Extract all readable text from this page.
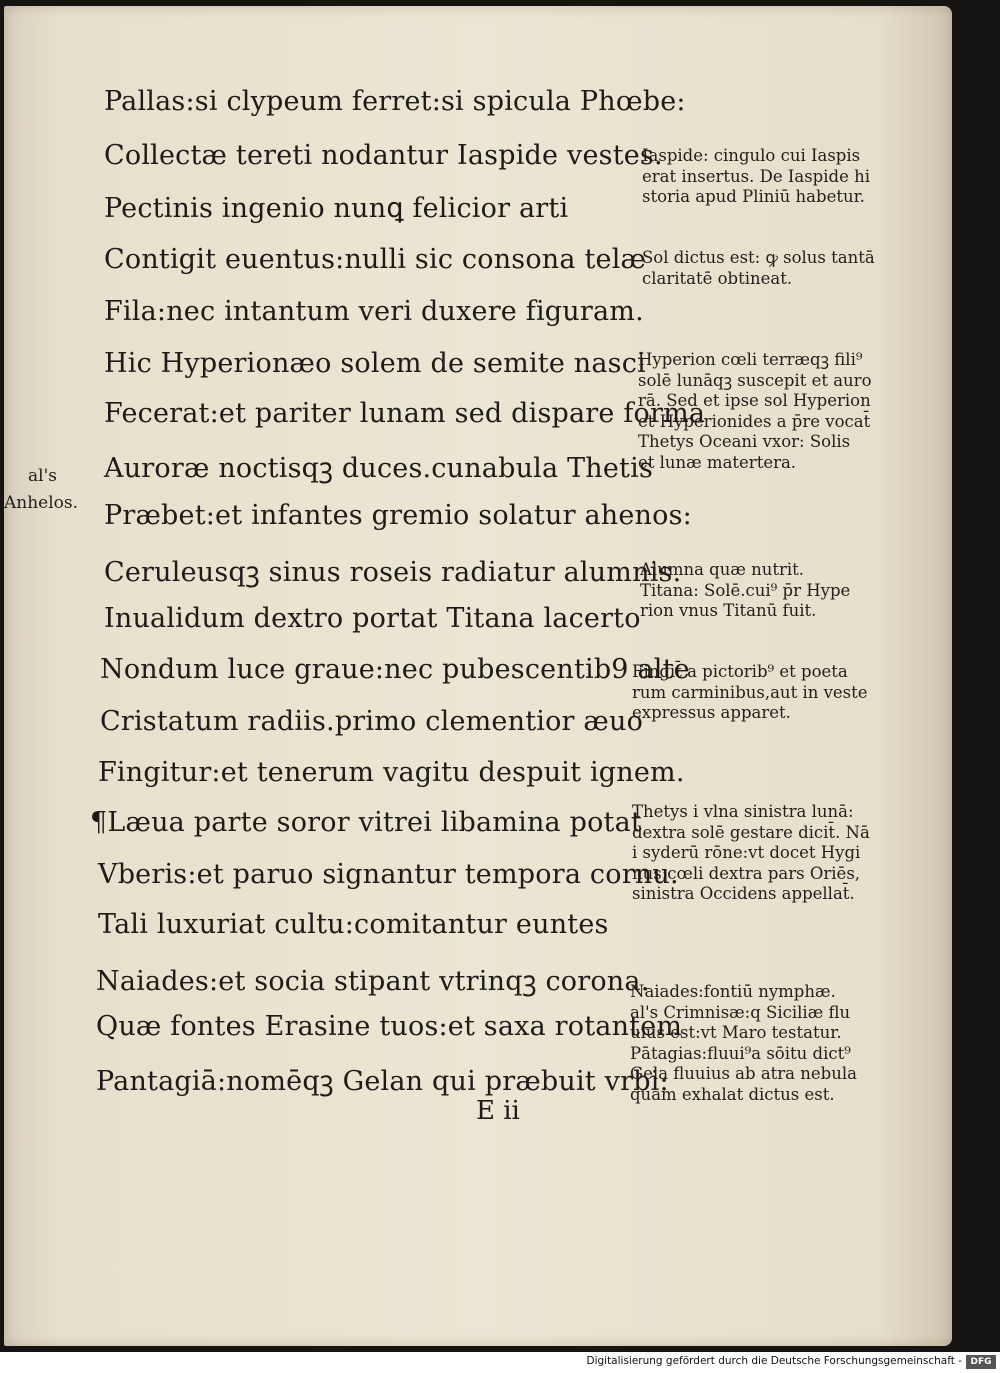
Pallas:si clypeum ferret:si spicula Phœbe:
Collectæ tereti nodantur Iaspide vestes.
Pectinis ingenio nunꝗ felicior arti
Contigit euentus:nulli sic consona telæ
Fila:nec intantum veri duxere figuram.
Hic Hyperionæo solem de semite nasci
Fecerat:et pariter lunam sed dispare forma
Auroræ noctisqꝫ duces.cunabula Thetis
Præbet:et infantes gremio solatur ahenos:
Ceruleusqꝫ sinus roseis radiatur alumnis.
Inualidum dextro portat Titana lacerto
Nondum luce graue:nec pubescentib9 alte
Cristatum radiis.primo clementior æuo
Fingitur:et tenerum vagitu despuit ignem.
¶Læua parte soror vitrei libamina potat
Vberis:et paruo signantur tempora cornu.
Tali luxuriat cultu:comitantur euntes
Naiades:et socia stipant vtrinqꝫ corona.
Quæ fontes Erasine tuos:et saxa rotantem
Pantagiā:nomēqꝫ Gelan qui præbuit vrbi:
E ii
al's
Anhelos.
Iaspide: cingulo cui Iaspis
erat insertus. De Iaspide hi
storia apud Pliniū habetur.
Sol dictus est: ꝙ solus tantā
claritatē obtineat.
Hyperion cœli terræqꝫ fili⁹
solē lunāqꝫ suscepit et auro
rā. Sed et ipse sol Hyperion
et Hyperionides a p̄re vocat̄
Thetys Oceani vxor: Solis
et lunæ matertera.
Alumna quæ nutrit.
Titana: Solē.cui⁹ p̄r Hype
rion vnus Titanū fuit.
Fingit̄ a pictorib⁹ et poeta
rum carminibus,aut in veste
expressus apparet.
Thetys i vlna sinistra lunā:
dextra solē gestare dicit̄. Nā
i syderū rōne:vt docet Hygi
nus:cœli dextra pars Oriēs,
sinistra Occidens appellat̄.
Naiades:fontiū nymphæ.
al's Crimnisæ:q Siciliæ flu
uius est:vt Maro testatur.
Pātagias:fluui⁹a sōitu dict⁹
Gela fluuius ab atra nebula
quam exhalat dictus est.
Digitalisierung gefördert durch die Deutsche Forschungsgemeinschaft - DFG
